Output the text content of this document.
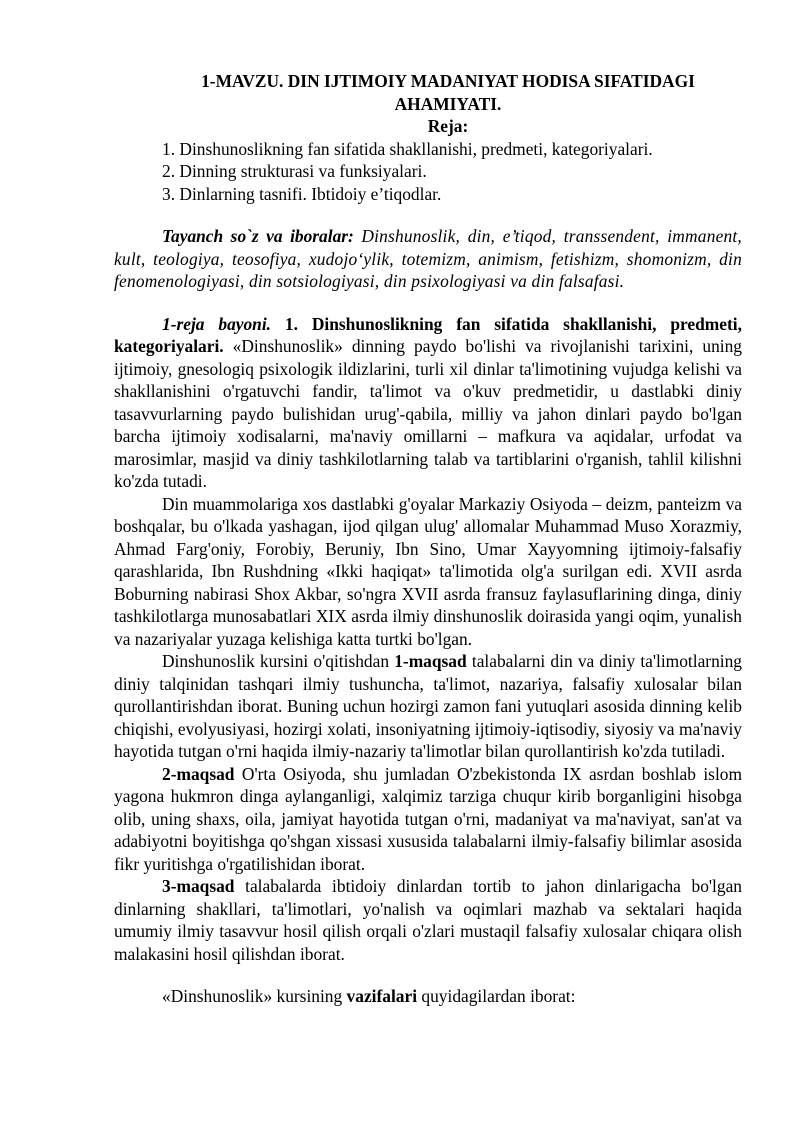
1-MAVZU. DIN IJTIMOIY MADANIYAT HODISA SIFATIDAGI
AHAMIYATI.
Reja:
1. Dinshunoslikning fan sifatida shakllanishi, predmeti, kategoriyalari.
2. Dinning strukturasi va funksiyalari.
3. Dinlarning tasnifi. Ibtidoiy e’tiqodlar.

Tayanch so`z va iboralar: Dinshunoslik, din, e’tiqod, transsendent, immanent, kult, teologiya, teosofiya, xudojoʻylik, totemizm, animism, fetishizm, shomonizm, din fenomenologiyasi, din sotsiologiyasi, din psixologiyasi va din falsafasi.

1-reja bayoni. 1. Dinshunoslikning fan sifatida shakllanishi, predmeti, kategoriyalari. «Dinshunoslik» dinning paydo bo'lishi va rivojlanishi tarixini, uning ijtimoiy, gnesologiq psixologik ildizlarini, turli xil dinlar ta'limotining vujudga kelishi va shakllanishini o'rgatuvchi fandir, ta'limot va o'kuv predmetidir, u dastlabki diniy tasavvurlarning paydo bulishidan urug'-qabila, milliy va jahon dinlari paydo bo'lgan barcha ijtimoiy xodisalarni, ma'naviy omillarni – mafkura va aqidalar, urfodat va marosimlar, masjid va diniy tashkilotlarning talab va tartiblarini o'rganish, tahlil kilishni ko'zda tutadi.

Din muammolariga xos dastlabki g'oyalar Markaziy Osiyoda – deizm, panteizm va boshqalar, bu o'lkada yashagan, ijod qilgan ulug' allomalar Muhammad Muso Xorazmiy, Ahmad Farg'oniy, Forobiy, Beruniy, Ibn Sino, Umar Xayyomning ijtimoiy-falsafiy qarashlarida, Ibn Rushdning «Ikki haqiqat» ta'limotida olg'a surilgan edi. XVII asrda Boburning nabirasi Shox Akbar, so'ngra XVII asrda fransuz faylasuflarining dinga, diniy tashkilotlarga munosabatlari XIX asrda ilmiy dinshunoslik doirasida yangi oqim, yunalish va nazariyalar yuzaga kelishiga katta turtki bo'lgan.

Dinshunoslik kursini o'qitishdan 1-maqsad talabalarni din va diniy ta'limotlarning diniy talqinidan tashqari ilmiy tushuncha, ta'limot, nazariya, falsafiy xulosalar bilan qurollantirishdan iborat. Buning uchun hozirgi zamon fani yutuqlari asosida dinning kelib chiqishi, evolyusiyasi, hozirgi xolati, insoniyatning ijtimoiy-iqtisodiy, siyosiy va ma'naviy hayotida tutgan o'rni haqida ilmiy-nazariy ta'limotlar bilan qurollantirish ko'zda tutiladi.

2-maqsad O'rta Osiyoda, shu jumladan O'zbekistonda IX asrdan boshlab islom yagona hukmron dinga aylanganligi, xalqimiz tarziga chuqur kirib borganligini hisobga olib, uning shaxs, oila, jamiyat hayotida tutgan o'rni, madaniyat va ma'naviyat, san'at va adabiyotni boyitishga qo'shgan xissasi xususida talabalarni ilmiy-falsafiy bilimlar asosida fikr yuritishga o'rgatilishidan iborat.

3-maqsad talabalarda ibtidoiy dinlardan tortib to jahon dinlarigacha bo'lgan dinlarning shakllari, ta'limotlari, yo'nalish va oqimlari mazhab va sektalari haqida umumiy ilmiy tasavvur hosil qilish orqali o'zlari mustaqil falsafiy xulosalar chiqara olish malakasini hosil qilishdan iborat.

«Dinshunoslik» kursining vazifalari quyidagilardan iborat:
